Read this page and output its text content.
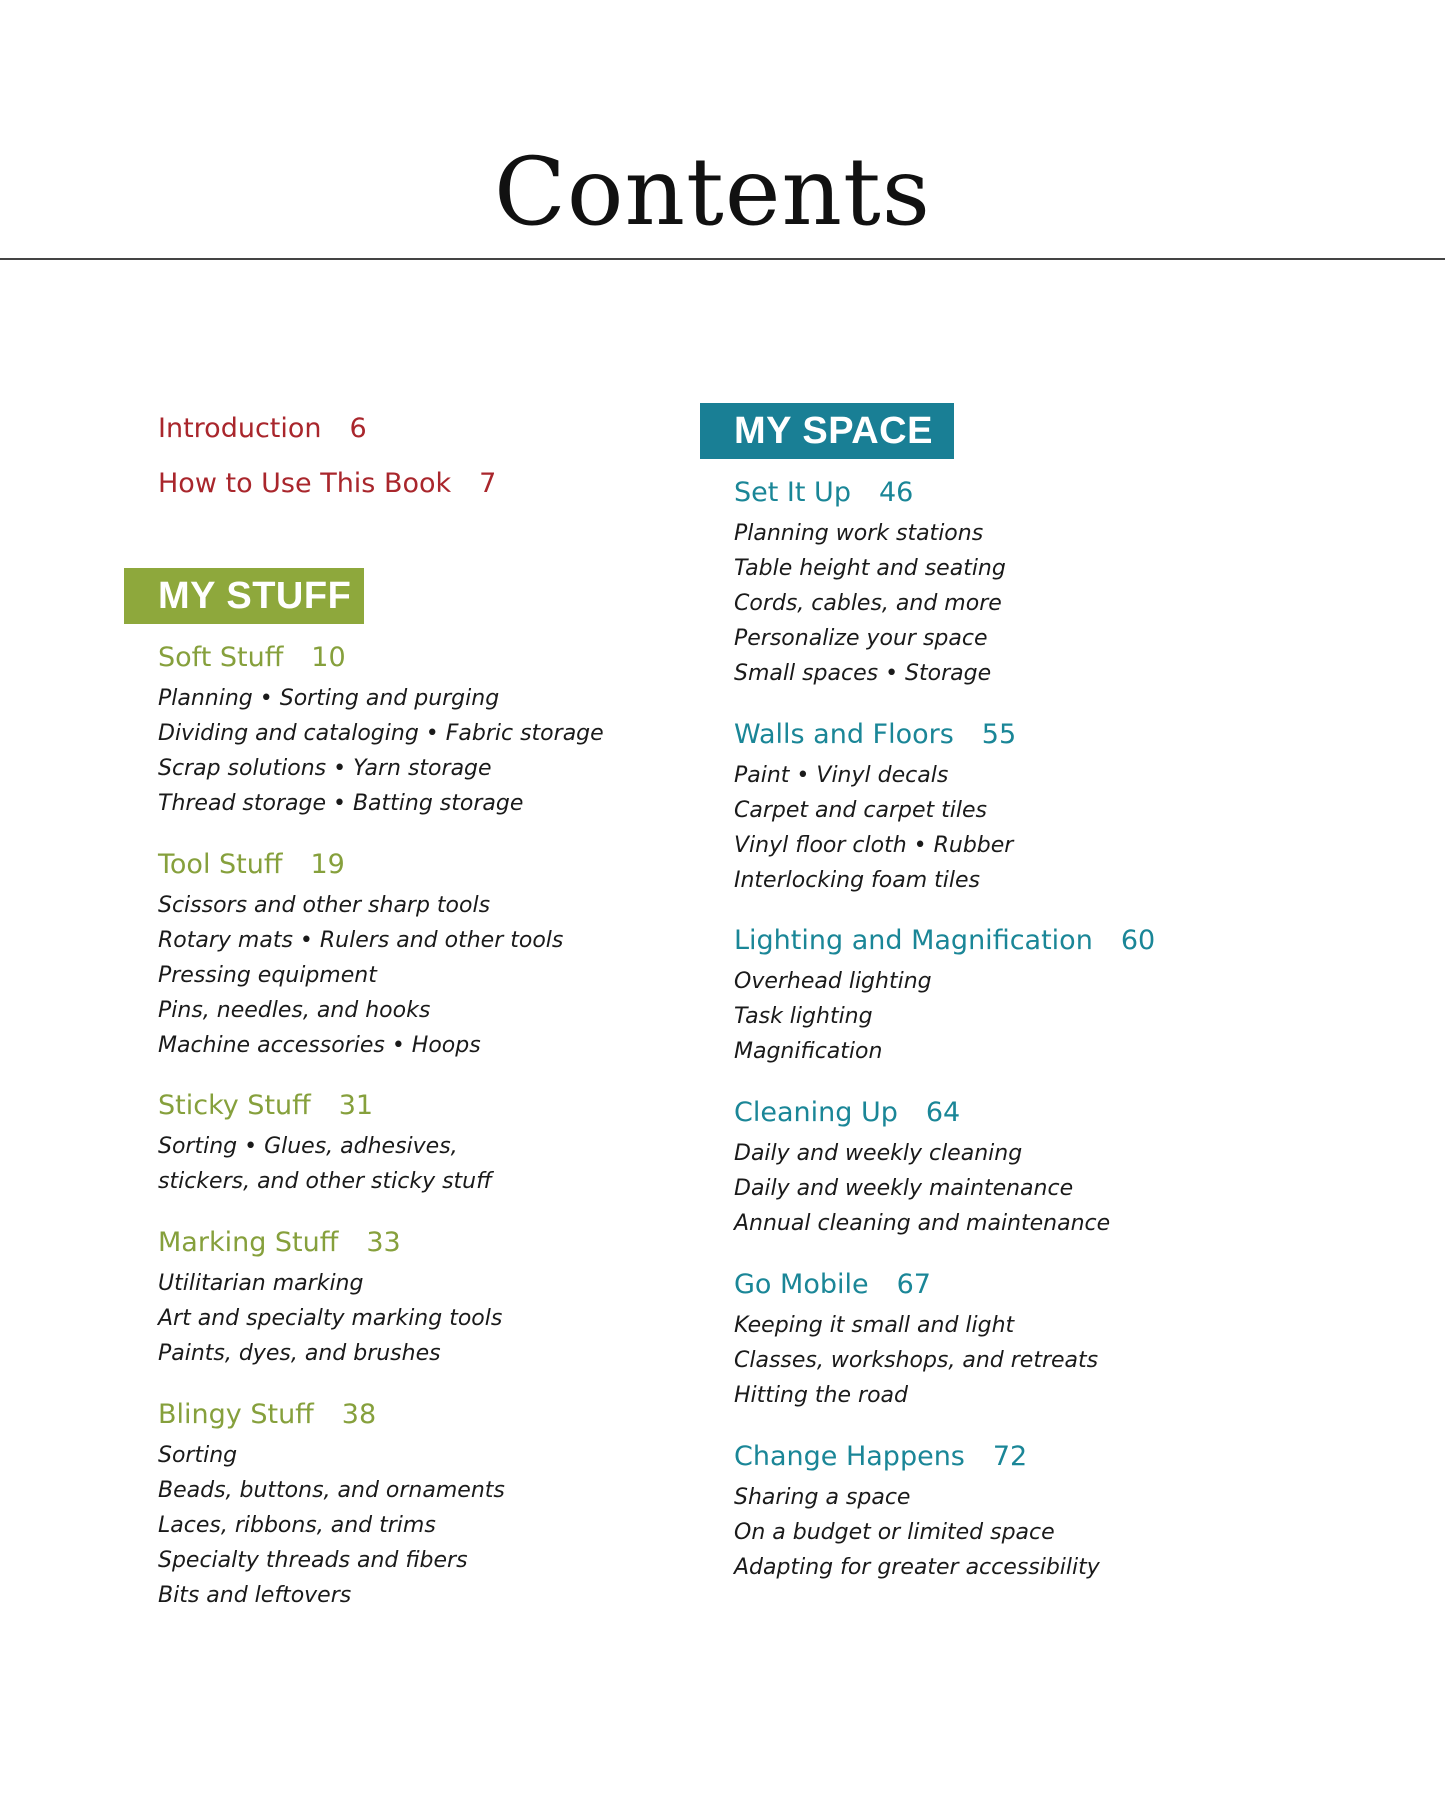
Contents
Introduction 6
How to Use This Book 7
MY STUFF 9
MY SPACE 45
Soft Stuff 10
Planning • Sorting and purging
Dividing and cataloging • Fabric storage
Scrap solutions • Yarn storage
Thread storage • Batting storage
Tool Stuff 19
Scissors and other sharp tools
Rotary mats • Rulers and other tools
Pressing equipment
Pins, needles, and hooks
Machine accessories • Hoops
Sticky Stuff 31
Sorting • Glues, adhesives,
stickers, and other sticky stuff
Marking Stuff 33
Utilitarian marking
Art and specialty marking tools
Paints, dyes, and brushes
Blingy Stuff 38
Sorting
Beads, buttons, and ornaments
Laces, ribbons, and trims
Specialty threads and fibers
Bits and leftovers
Set It Up 46
Planning work stations
Table height and seating
Cords, cables, and more
Personalize your space
Small spaces • Storage
Walls and Floors 55
Paint • Vinyl decals
Carpet and carpet tiles
Vinyl floor cloth • Rubber
Interlocking foam tiles
Lighting and Magnification 60
Overhead lighting
Task lighting
Magnification
Cleaning Up 64
Daily and weekly cleaning
Daily and weekly maintenance
Annual cleaning and maintenance
Go Mobile 67
Keeping it small and light
Classes, workshops, and retreats
Hitting the road
Change Happens 72
Sharing a space
On a budget or limited space
Adapting for greater accessibility
